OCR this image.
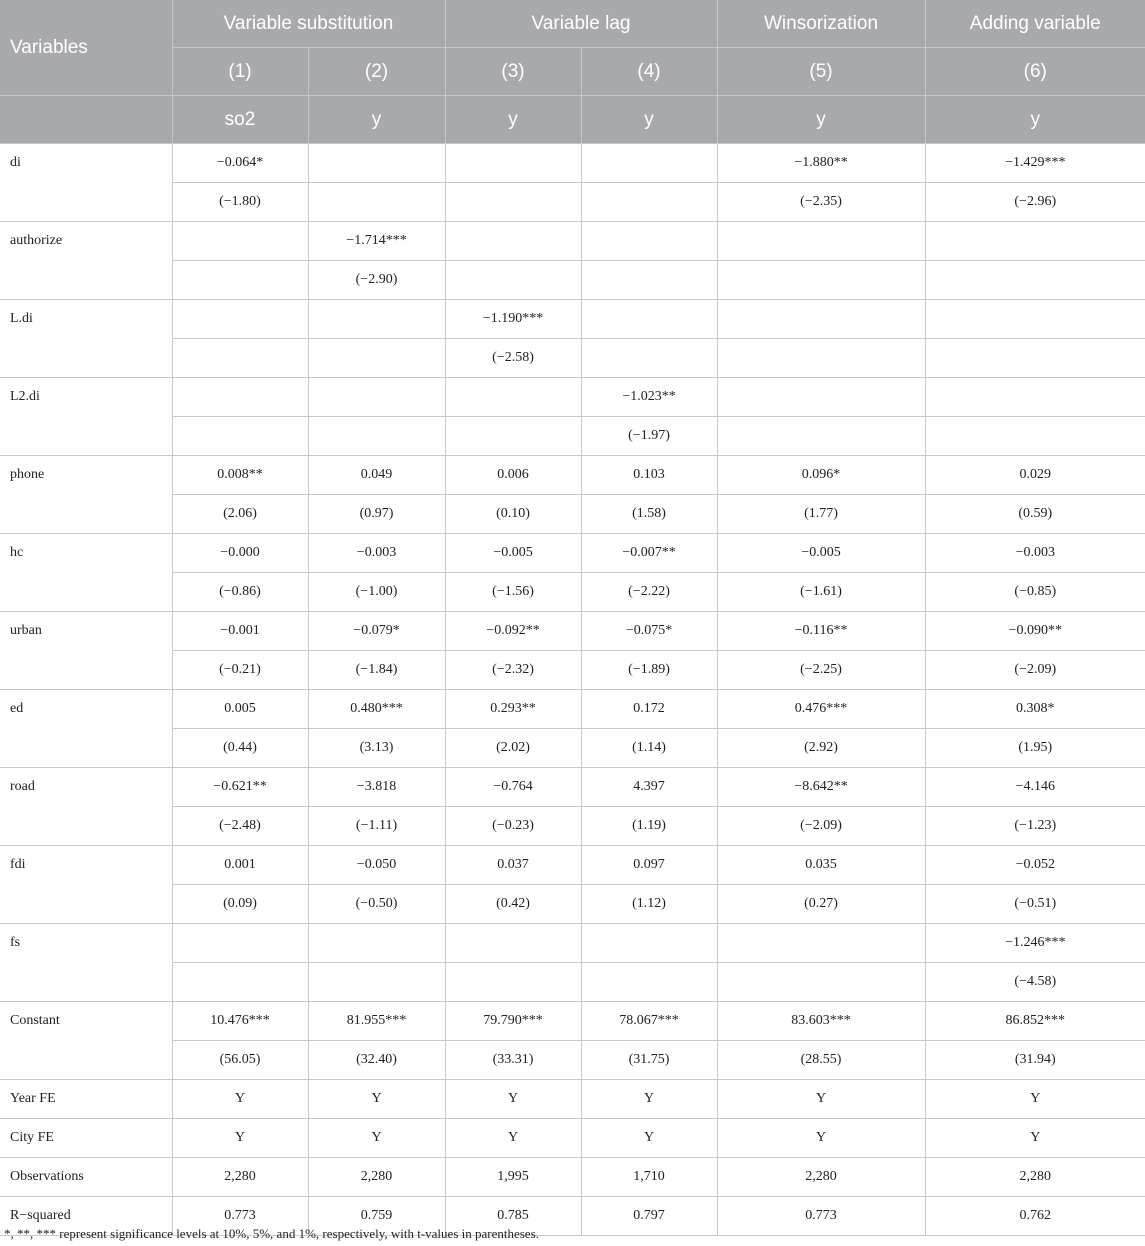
Variables	Variable substitution		Variable lag		Winsorization	Adding variable
	(1)	(2)	(3)	(4)	(5)	(6)
	so2	y	y	y	y	y
di	−0.064*				−1.880**	−1.429***
	(−1.80)				(−2.35)	(−2.96)
authorize		−1.714***				
		(−2.90)				
L.di			−1.190***			
			(−2.58)			
L2.di				−1.023**		
				(−1.97)		
phone	0.008**	0.049	0.006	0.103	0.096*	0.029
	(2.06)	(0.97)	(0.10)	(1.58)	(1.77)	(0.59)
hc	−0.000	−0.003	−0.005	−0.007**	−0.005	−0.003
	(−0.86)	(−1.00)	(−1.56)	(−2.22)	(−1.61)	(−0.85)
urban	−0.001	−0.079*	−0.092**	−0.075*	−0.116**	−0.090**
	(−0.21)	(−1.84)	(−2.32)	(−1.89)	(−2.25)	(−2.09)
ed	0.005	0.480***	0.293**	0.172	0.476***	0.308*
	(0.44)	(3.13)	(2.02)	(1.14)	(2.92)	(1.95)
road	−0.621**	−3.818	−0.764	4.397	−8.642**	−4.146
	(−2.48)	(−1.11)	(−0.23)	(1.19)	(−2.09)	(−1.23)
fdi	0.001	−0.050	0.037	0.097	0.035	−0.052
	(0.09)	(−0.50)	(0.42)	(1.12)	(0.27)	(−0.51)
fs						−1.246***
						(−4.58)
Constant	10.476***	81.955***	79.790***	78.067***	83.603***	86.852***
	(56.05)	(32.40)	(33.31)	(31.75)	(28.55)	(31.94)
Year FE	Y	Y	Y	Y	Y	Y
City FE	Y	Y	Y	Y	Y	Y
Observations	2,280	2,280	1,995	1,710	2,280	2,280
R−squared	0.773	0.759	0.785	0.797	0.773	0.762
*, **, *** represent significance levels at 10%, 5%, and 1%, respectively, with t-values in parentheses.
